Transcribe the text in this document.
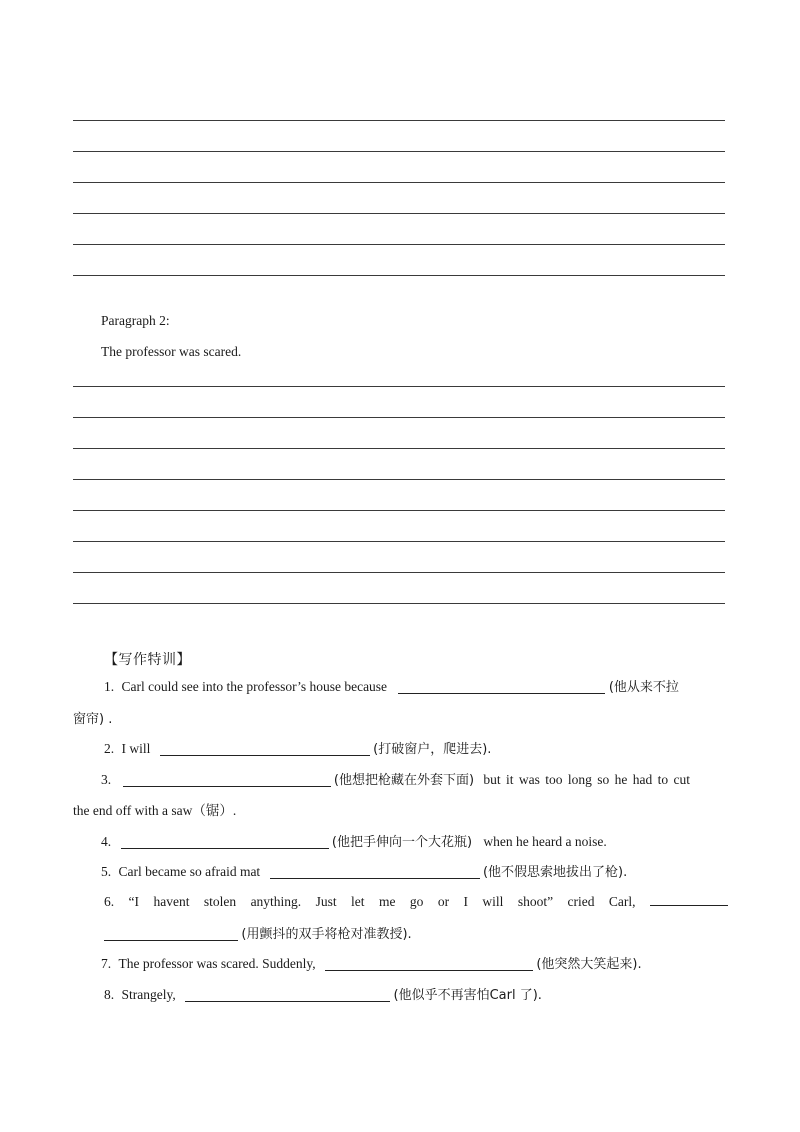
Paragraph 2:
The professor was scared.
【写作特训】
1. Carl could see into the professor’s house because	(他从来不拉
窗帘) .
2. I will	(打破窗户，爬进去).
3.	(他想把枪藏在外套下面) but it was too long so he had to cut
the end off with a saw（锯）.
4.	(他把手伸向一个大花瓶) when he heard a noise.
5. Carl became so afraid mat	(他不假思索地拔出了枪).
6. “I havent stolen anything. Just let me go or I will shoot” cried Carl,
(用颤抖的双手将枪对准教授).
7. The professor was scared. Suddenly,	(他突然大笑起来).
8. Strangely,	(他似乎不再害怕Carl 了).
